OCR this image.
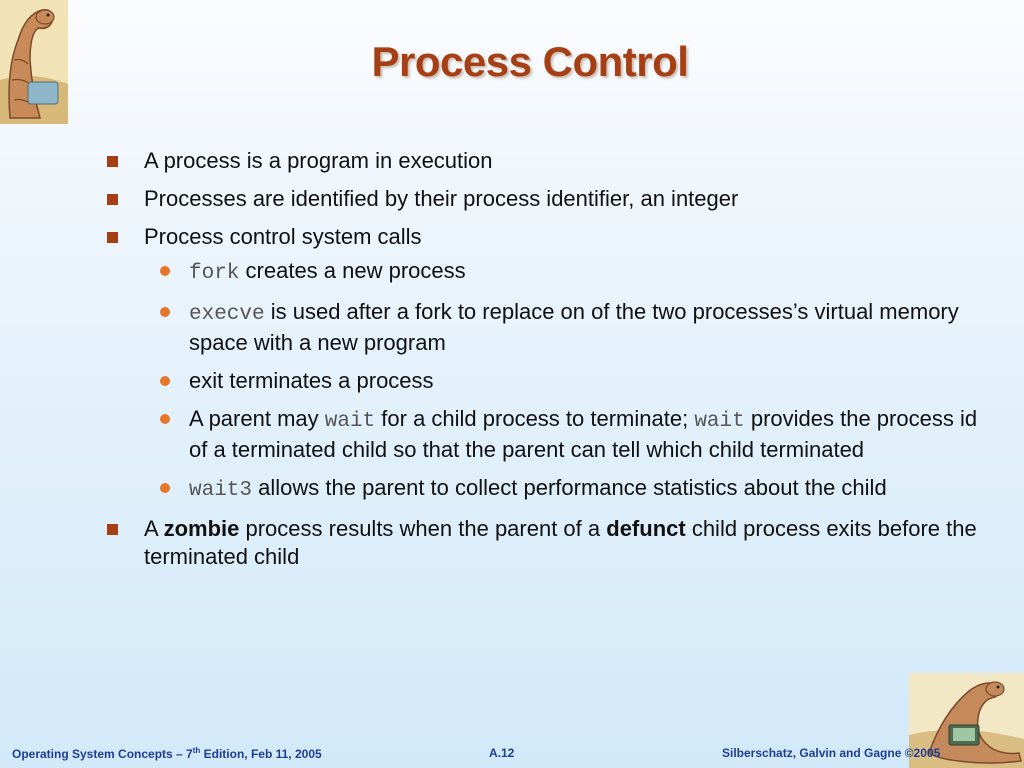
Process Control
A process is a program in execution
Processes are identified by their process identifier, an integer
Process control system calls
fork creates a new process
execve is used after a fork to replace on of the two processes’s virtual memory space with a new program
exit terminates a process
A parent may wait for a child process to terminate; wait provides the process id of a terminated child so that the parent can tell which child terminated
wait3 allows the parent to collect performance statistics about the child
A zombie process results when the parent of a defunct child process exits before the terminated child
Operating System Concepts – 7th Edition, Feb 11, 2005	A.12	Silberschatz, Galvin and Gagne ©2005
